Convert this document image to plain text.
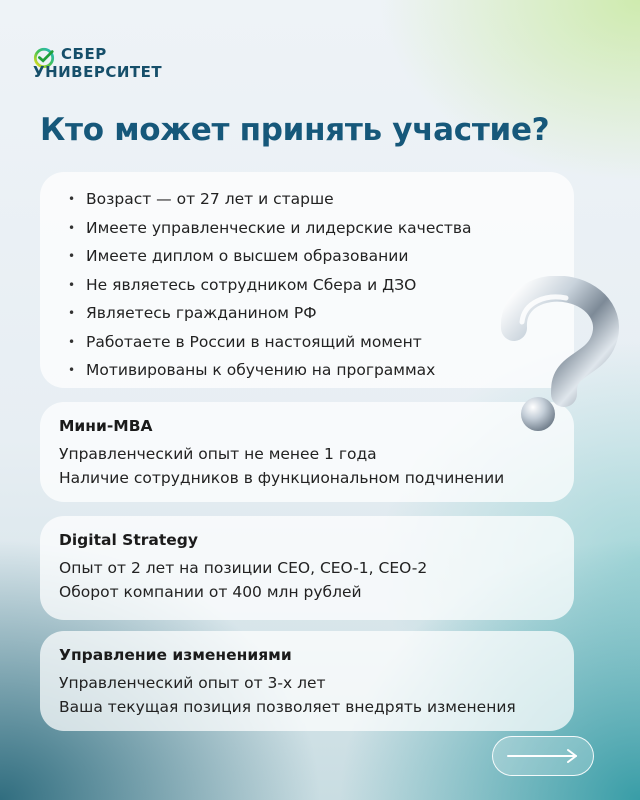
СБЕР
УНИВЕРСИТЕТ
Кто может принять участие?
• Возраст — от 27 лет и старше
• Имеете управленческие и лидерские качества
• Имеете диплом о высшем образовании
• Не являетесь сотрудником Сбера и ДЗО
• Являетесь гражданином РФ
• Работаете в России в настоящий момент
• Мотивированы к обучению на программах
Мини-MBA

Управленческий опыт не менее 1 года

Наличие сотрудников в функциональном подчинении

Digital Strategy

Опыт от 2 лет на позиции CEO, CEO-1, CEO-2

Оборот компании от 400 млн рублей

Управление изменениями

Управленческий опыт от 3-х лет

Ваша текущая позиция позволяет внедрять изменения
